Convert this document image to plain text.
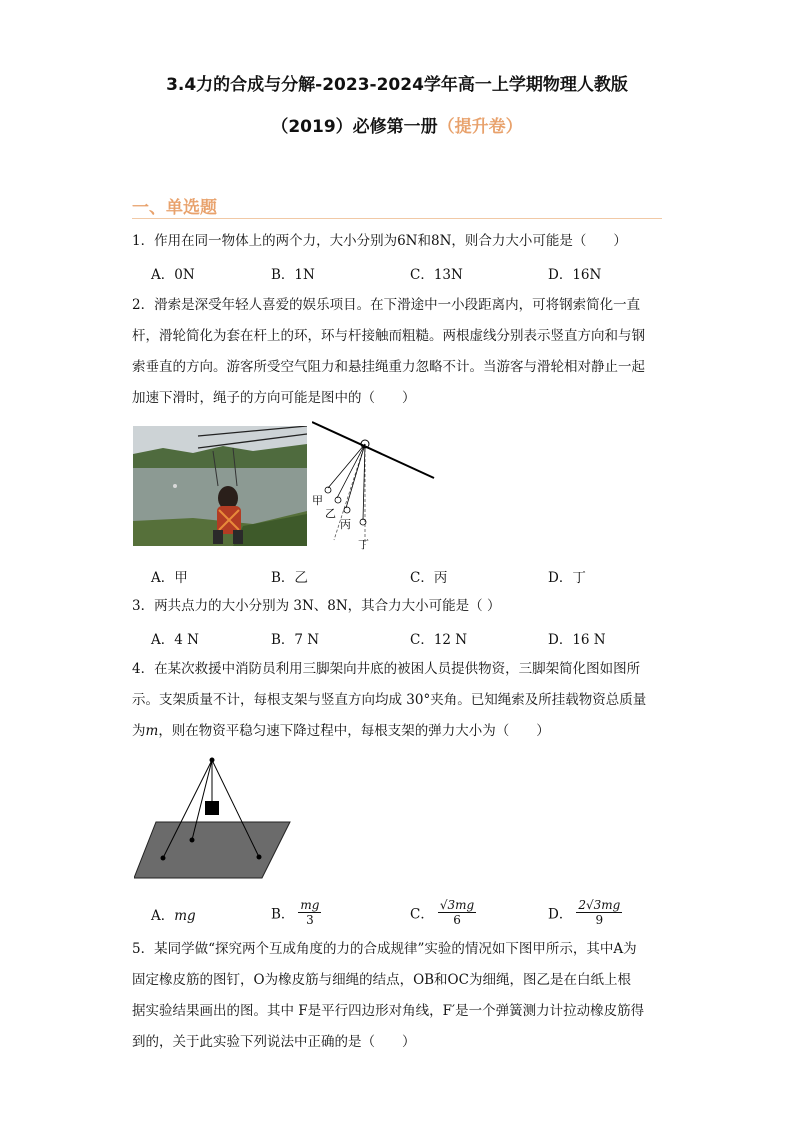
3.4力的合成与分解-2023-2024学年高一上学期物理人教版
（2019）必修第一册（提升卷）
一、单选题
1．作用在同一物体上的两个力，大小分别为6N和8N，则合力大小可能是（　　）
A．0N	B．1N	C．13N	D．16N
2．滑索是深受年轻人喜爱的娱乐项目。在下滑途中一小段距离内，可将钢索简化一直
杆，滑轮简化为套在杆上的环，环与杆接触而粗糙。两根虚线分别表示竖直方向和与钢
索垂直的方向。游客所受空气阻力和悬挂绳重力忽略不计。当游客与滑轮相对静止一起
加速下滑时，绳子的方向可能是图中的（　　）
甲
乙
丙
丁
A．甲	B．乙	C．丙	D．丁
3．两共点力的大小分别为 3N、8N，其合力大小可能是（ ）
A．4 N	B．7 N	C．12 N	D．16 N
4．在某次救援中消防员利用三脚架向井底的被困人员提供物资，三脚架简化图如图所
示。支架质量不计，每根支架与竖直方向均成 30°夹角。已知绳索及所挂载物资总质量
为m，则在物资平稳匀速下降过程中，每根支架的弹力大小为（　　）
A．mg	B． $\frac{mg}{3}$	C． $\frac{√3mg}{6}$	D． $\frac{2√3mg}{9}$
5．某同学做“探究两个互成角度的力的合成规律”实验的情况如下图甲所示，其中A为
固定橡皮筋的图钉，O为橡皮筋与细绳的结点，OB和OC为细绳，图乙是在白纸上根
据实验结果画出的图。其中 F是平行四边形对角线，F′是一个弹簧测力计拉动橡皮筋得
到的，关于此实验下列说法中正确的是（　　）
